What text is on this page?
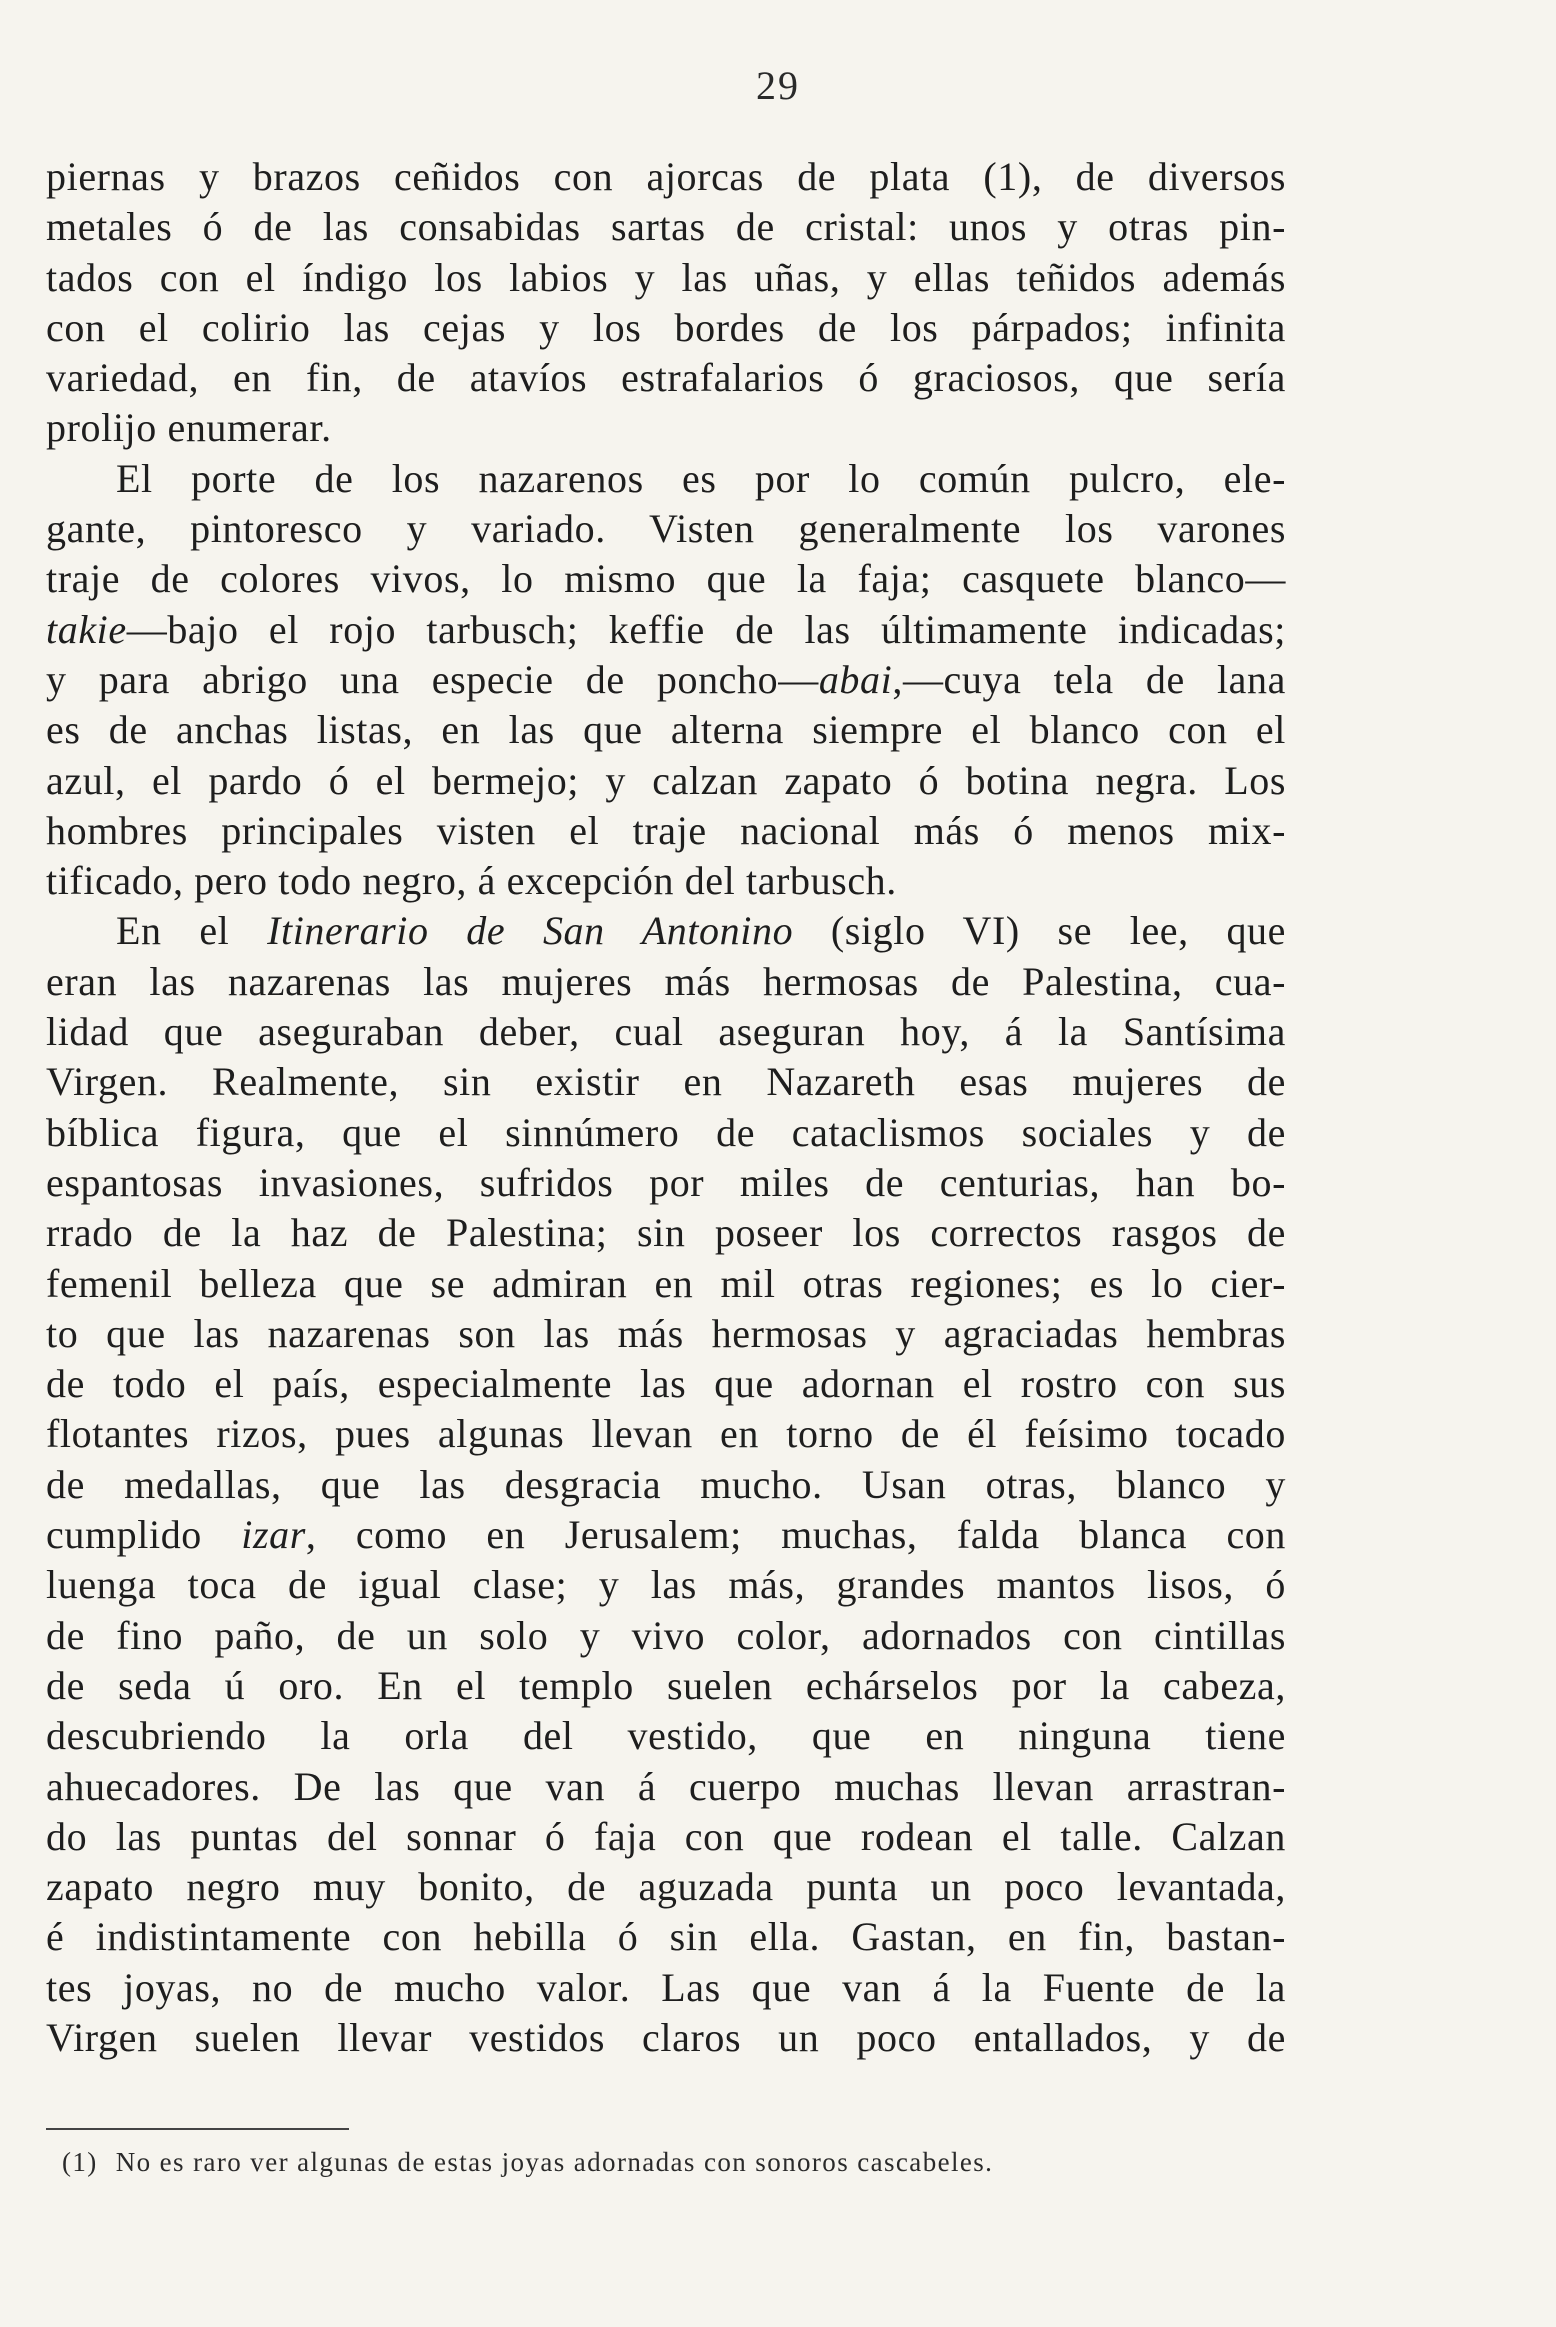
29
piernas y brazos ceñidos con ajorcas de plata (1), de diversos
metales ó de las consabidas sartas de cristal: unos y otras pin-
tados con el índigo los labios y las uñas, y ellas teñidos además
con el colirio las cejas y los bordes de los párpados; infinita
variedad, en fin, de atavíos estrafalarios ó graciosos, que sería
prolijo enumerar.
El porte de los nazarenos es por lo común pulcro, ele-
gante, pintoresco y variado. Visten generalmente los varones
traje de colores vivos, lo mismo que la faja; casquete blanco—
takie—bajo el rojo tarbusch; keffie de las últimamente indicadas;
y para abrigo una especie de poncho—abai,—cuya tela de lana
es de anchas listas, en las que alterna siempre el blanco con el
azul, el pardo ó el bermejo; y calzan zapato ó botina negra. Los
hombres principales visten el traje nacional más ó menos mix-
tificado, pero todo negro, á excepción del tarbusch.
En el Itinerario de San Antonino (siglo VI) se lee, que
eran las nazarenas las mujeres más hermosas de Palestina, cua-
lidad que aseguraban deber, cual aseguran hoy, á la Santísima
Virgen. Realmente, sin existir en Nazareth esas mujeres de
bíblica figura, que el sinnúmero de cataclismos sociales y de
espantosas invasiones, sufridos por miles de centurias, han bo-
rrado de la haz de Palestina; sin poseer los correctos rasgos de
femenil belleza que se admiran en mil otras regiones; es lo cier-
to que las nazarenas son las más hermosas y agraciadas hembras
de todo el país, especialmente las que adornan el rostro con sus
flotantes rizos, pues algunas llevan en torno de él feísimo tocado
de medallas, que las desgracia mucho. Usan otras, blanco y
cumplido izar, como en Jerusalem; muchas, falda blanca con
luenga toca de igual clase; y las más, grandes mantos lisos, ó
de fino paño, de un solo y vivo color, adornados con cintillas
de seda ú oro. En el templo suelen echárselos por la cabeza,
descubriendo la orla del vestido, que en ninguna tiene
ahuecadores. De las que van á cuerpo muchas llevan arrastran-
do las puntas del sonnar ó faja con que rodean el talle. Calzan
zapato negro muy bonito, de aguzada punta un poco levantada,
é indistintamente con hebilla ó sin ella. Gastan, en fin, bastan-
tes joyas, no de mucho valor. Las que van á la Fuente de la
Virgen suelen llevar vestidos claros un poco entallados, y de
(1) No es raro ver algunas de estas joyas adornadas con sonoros cascabeles.
